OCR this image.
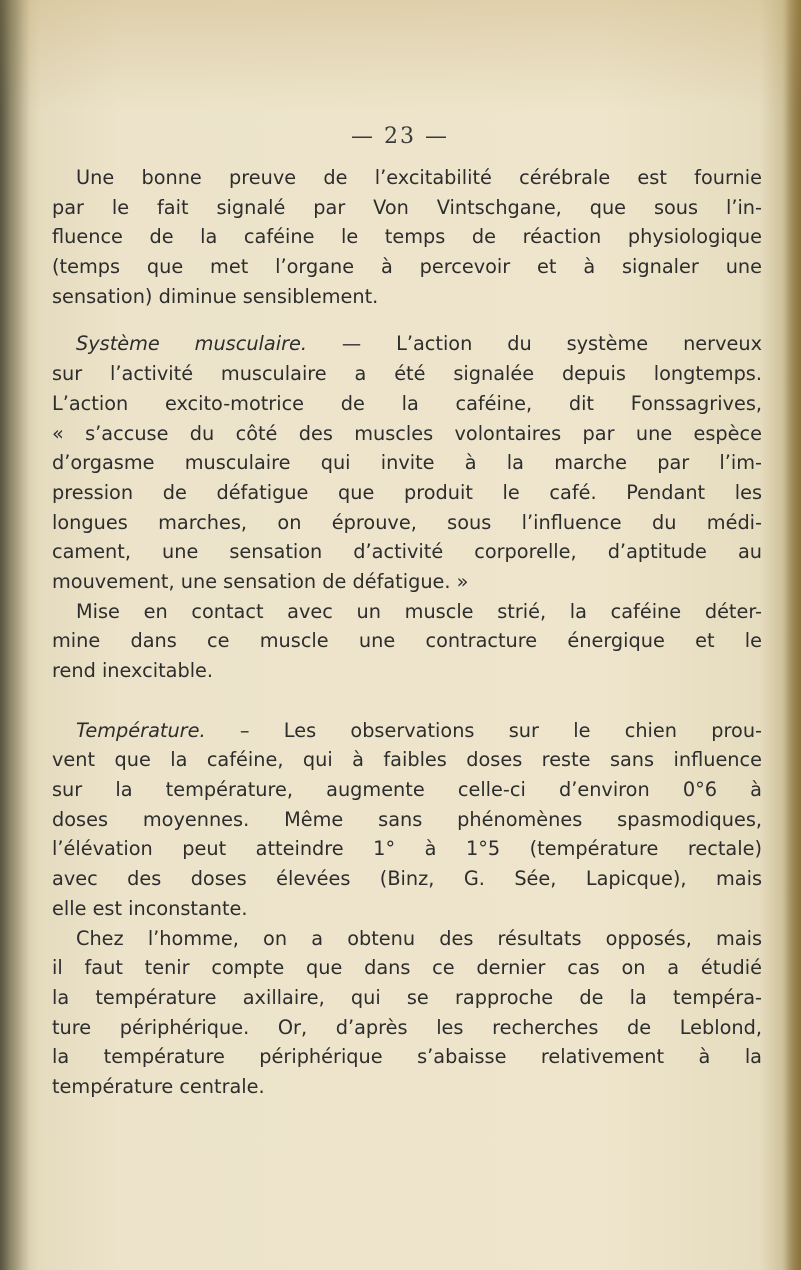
— 23 —
Une bonne preuve de l’excitabilité cérébrale est fournie
par le fait signalé par Von Vintschgane, que sous l’in-
fluence de la caféine le temps de réaction physiologique
(temps que met l’organe à percevoir et à signaler une
sensation) diminue sensiblement.
Système musculaire. — L’action du système nerveux
sur l’activité musculaire a été signalée depuis longtemps.
L’action excito-motrice de la caféine, dit Fonssagrives,
« s’accuse du côté des muscles volontaires par une espèce
d’orgasme musculaire qui invite à la marche par l’im-
pression de défatigue que produit le café. Pendant les
longues marches, on éprouve, sous l’influence du médi-
cament, une sensation d’activité corporelle, d’aptitude au
mouvement, une sensation de défatigue. »
Mise en contact avec un muscle strié, la caféine déter-
mine dans ce muscle une contracture énergique et le
rend inexcitable.
Température. – Les observations sur le chien prou-
vent que la caféine, qui à faibles doses reste sans influence
sur la température, augmente celle-ci d’environ 0°6 à
doses moyennes. Même sans phénomènes spasmodiques,
l’élévation peut atteindre 1° à 1°5 (température rectale)
avec des doses élevées (Binz, G. Sée, Lapicque), mais
elle est inconstante.
Chez l’homme, on a obtenu des résultats opposés, mais
il faut tenir compte que dans ce dernier cas on a étudié
la température axillaire, qui se rapproche de la tempéra-
ture périphérique. Or, d’après les recherches de Leblond,
la température périphérique s’abaisse relativement à la
température centrale.
